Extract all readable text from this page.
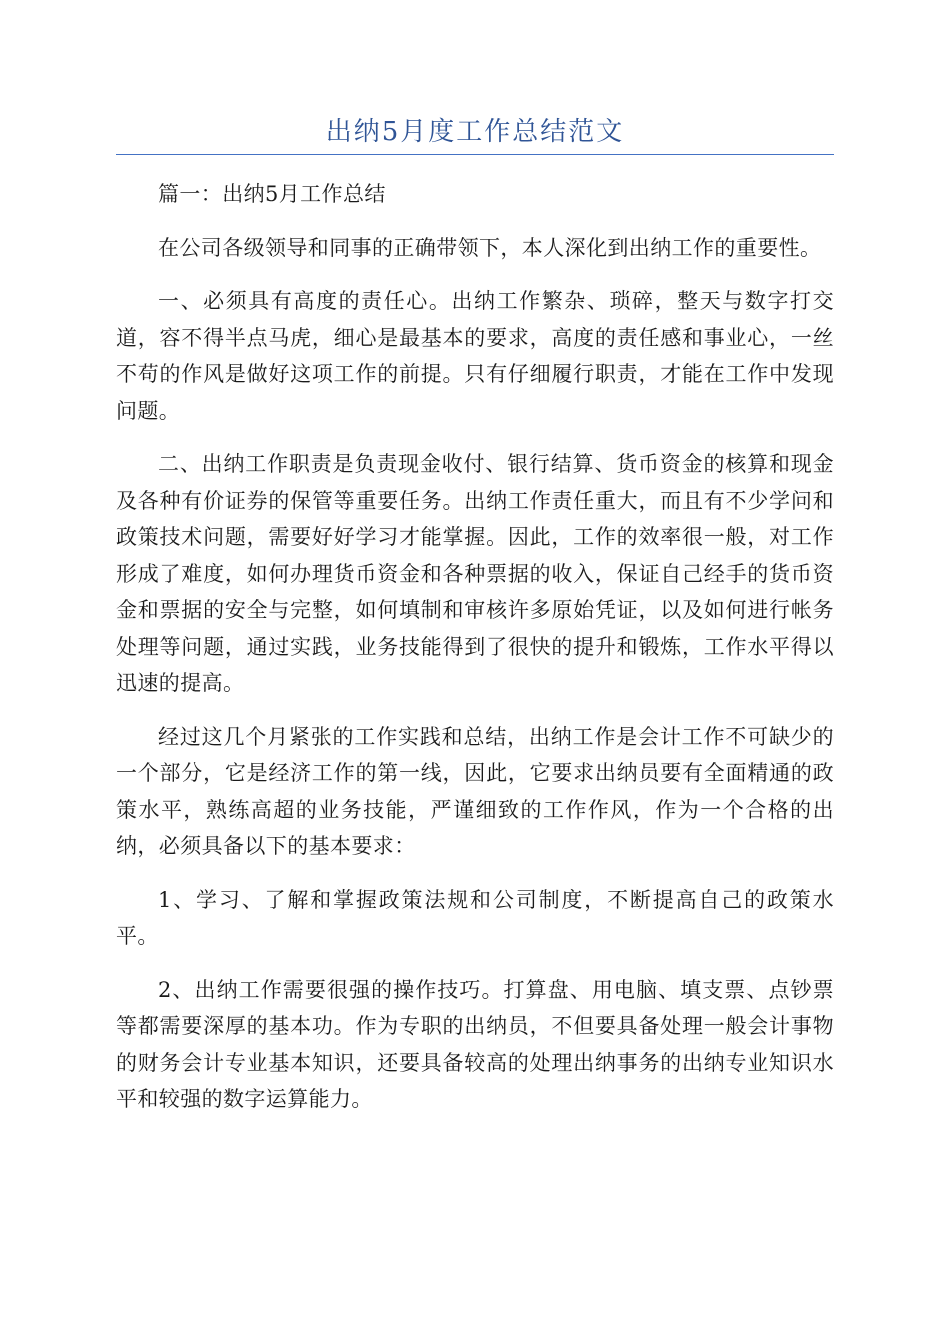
出纳5月度工作总结范文

篇一：出纳5月工作总结

在公司各级领导和同事的正确带领下，本人深化到出纳工作的重要性。

一、必须具有高度的责任心。出纳工作繁杂、琐碎，整天与数字打交道，容不得半点马虎，细心是最基本的要求，高度的责任感和事业心，一丝不苟的作风是做好这项工作的前提。只有仔细履行职责，才能在工作中发现问题。

二、出纳工作职责是负责现金收付、银行结算、货币资金的核算和现金及各种有价证券的保管等重要任务。出纳工作责任重大，而且有不少学问和政策技术问题，需要好好学习才能掌握。因此，工作的效率很一般，对工作形成了难度，如何办理货币资金和各种票据的收入，保证自己经手的货币资金和票据的安全与完整，如何填制和审核许多原始凭证，以及如何进行帐务处理等问题，通过实践，业务技能得到了很快的提升和锻炼，工作水平得以迅速的提高。

经过这几个月紧张的工作实践和总结，出纳工作是会计工作不可缺少的一个部分，它是经济工作的第一线，因此，它要求出纳员要有全面精通的政策水平，熟练高超的业务技能，严谨细致的工作作风，作为一个合格的出纳，必须具备以下的基本要求：

1、学习、了解和掌握政策法规和公司制度，不断提高自己的政策水平。

2、出纳工作需要很强的操作技巧。打算盘、用电脑、填支票、点钞票等都需要深厚的基本功。作为专职的出纳员，不但要具备处理一般会计事物的财务会计专业基本知识，还要具备较高的处理出纳事务的出纳专业知识水平和较强的数字运算能力。
